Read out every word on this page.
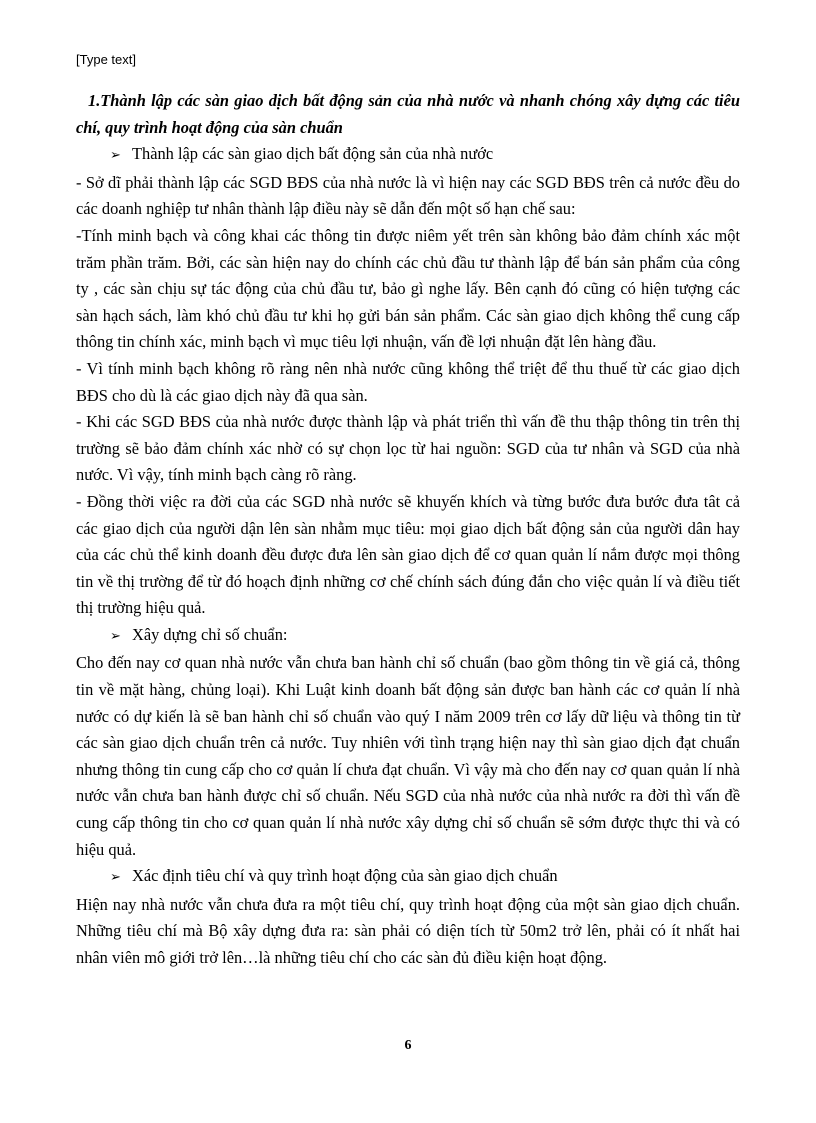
[Type text]

1.Thành lập các sàn giao dịch bất động sản của nhà nước và nhanh chóng xây dựng các tiêu chí, quy trình hoạt động của sàn chuẩn

➢ Thành lập các sàn giao dịch bất động sản của nhà nước

- Sở dĩ phải thành lập các SGD BĐS của nhà nước là vì hiện nay các SGD BĐS trên cả nước đều do các doanh nghiệp tư nhân thành lập điều này sẽ dẫn đến một số hạn chế sau:

-Tính minh bạch và công khai các thông tin được niêm yết trên sàn không bảo đảm chính xác một trăm phần trăm. Bởi, các sàn hiện nay do chính các chủ đầu tư thành lập để bán sản phẩm của công ty , các sàn chịu sự tác động của chủ đầu tư, bảo gì nghe lấy. Bên cạnh đó cũng có hiện tượng các sàn hạch sách, làm khó chủ đầu tư khi họ gửi bán sản phẩm. Các sàn giao dịch không thể cung cấp thông tin chính xác, minh bạch vì mục tiêu lợi nhuận, vấn đề lợi nhuận đặt lên hàng đầu.

- Vì tính minh bạch không rõ ràng nên nhà nước cũng không thể triệt để thu thuế từ các giao dịch BĐS cho dù là các giao dịch này đã qua sàn.

- Khi các SGD BĐS của nhà nước được thành lập và phát triển thì vấn đề thu thập thông tin trên thị trường sẽ bảo đảm chính xác nhờ có sự chọn lọc từ hai nguồn: SGD của tư nhân và SGD của nhà nước. Vì vậy, tính minh bạch càng rõ ràng.

- Đồng thời việc ra đời của các SGD nhà nước sẽ khuyến khích và từng bước đưa bước đưa tât cả các giao dịch của người dận lên sàn nhằm mục tiêu: mọi giao dịch bất động sản của người dân hay của các chủ thể kinh doanh đều được đưa lên sàn giao dịch để cơ quan quản lí nắm được mọi thông tin về thị trường để từ đó hoạch định những cơ chế chính sách đúng đắn cho việc quản lí và điều tiết thị trường hiệu quả.

➢ Xây dựng chỉ số chuẩn:

Cho đến nay cơ quan nhà nước vẫn chưa ban hành chỉ số chuẩn (bao gồm thông tin về giá cả, thông tin về mặt hàng, chủng loại). Khi Luật kinh doanh bất động sản được ban hành các cơ quản lí nhà nước có dự kiến là sẽ ban hành chỉ số chuẩn vào quý I năm 2009 trên cơ lấy dữ liệu và thông tin từ các sàn giao dịch chuẩn trên cả nước. Tuy nhiên với tình trạng hiện nay thì sàn giao dịch đạt chuẩn nhưng thông tin cung cấp cho cơ quản lí chưa đạt chuẩn. Vì vậy mà cho đến nay cơ quan quản lí nhà nước vẫn chưa ban hành được chỉ số chuẩn. Nếu SGD của nhà nước của nhà nước ra đời thì vấn đề cung cấp thông tin cho cơ quan quản lí nhà nước xây dựng chỉ số chuẩn sẽ sớm được thực thi và có hiệu quả.

➢ Xác định tiêu chí và quy trình hoạt động của sàn giao dịch chuẩn

Hiện nay nhà nước vẫn chưa đưa ra một tiêu chí, quy trình hoạt động của một sàn giao dịch chuẩn. Những tiêu chí mà Bộ xây dựng đưa ra: sàn phải có diện tích từ 50m2 trở lên, phải có ít nhất hai nhân viên mô giới trở lên…là những tiêu chí cho các sàn đủ điều kiện hoạt động.

6
